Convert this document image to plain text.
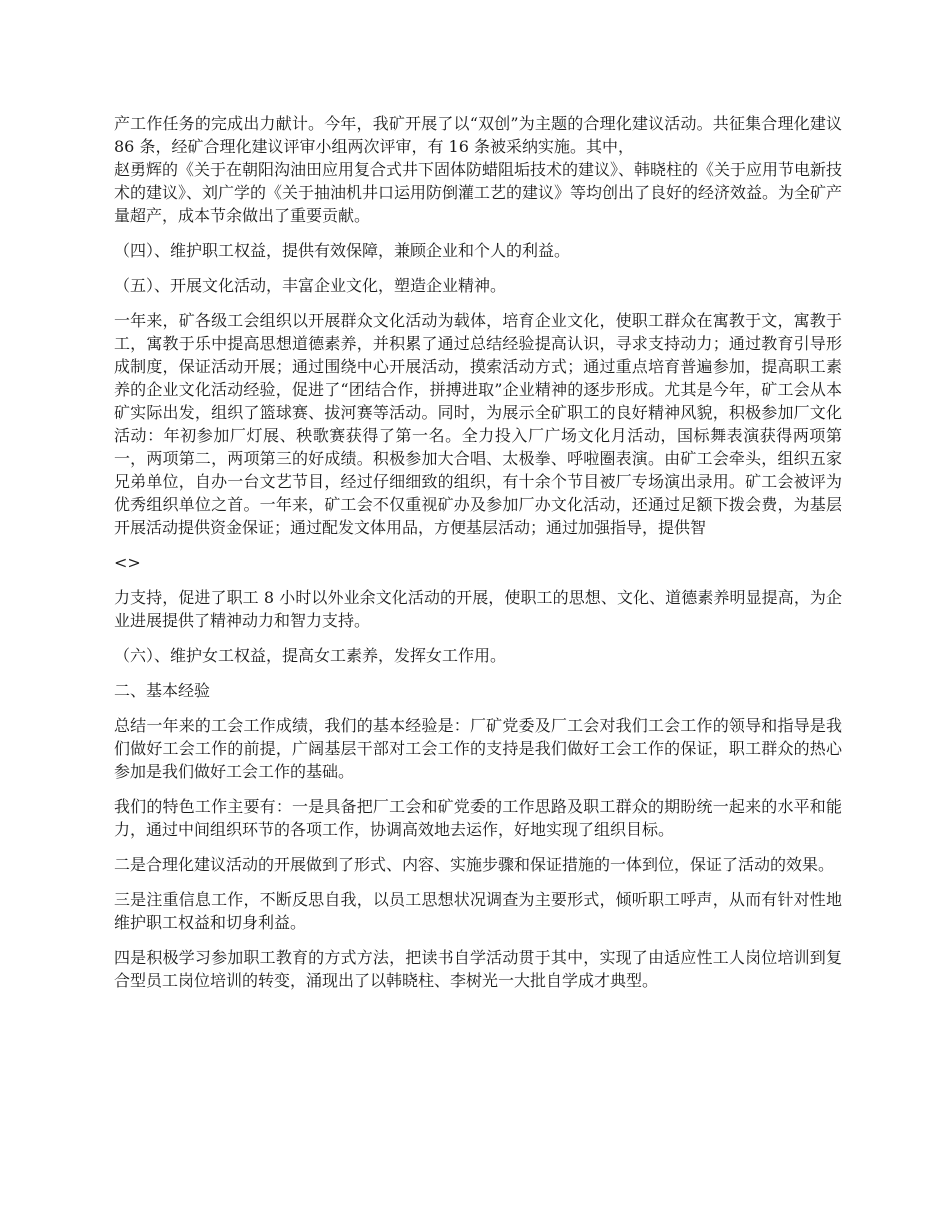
产工作任务的完成出力献计。今年，我矿开展了以“双创”为主题的合理化建议活动。共征集合理化建议 86 条，经矿合理化建议评审小组两次评审，有 16 条被采纳实施。其中，
赵勇辉的《关于在朝阳沟油田应用复合式井下固体防蜡阻垢技术的建议》、韩晓柱的《关于应用节电新技术的建议》、刘广学的《关于抽油机井口运用防倒灌工艺的建议》等均创出了良好的经济效益。为全矿产量超产，成本节余做出了重要贡献。

（四）、维护职工权益，提供有效保障，兼顾企业和个人的利益。

（五）、开展文化活动，丰富企业文化，塑造企业精神。

一年来，矿各级工会组织以开展群众文化活动为载体，培育企业文化，使职工群众在寓教于文，寓教于工，寓教于乐中提高思想道德素养，并积累了通过总结经验提高认识，寻求支持动力；通过教育引导形成制度，保证活动开展；通过围绕中心开展活动，摸索活动方式；通过重点培育普遍参加，提高职工素养的企业文化活动经验，促进了“团结合作，拼搏进取”企业精神的逐步形成。尤其是今年，矿工会从本矿实际出发，组织了篮球赛、拔河赛等活动。同时，为展示全矿职工的良好精神风貌，积极参加厂文化活动：年初参加厂灯展、秧歌赛获得了第一名。全力投入厂广场文化月活动，国标舞表演获得两项第一，两项第二，两项第三的好成绩。积极参加大合唱、太极拳、呼啦圈表演。由矿工会牵头，组织五家兄弟单位，自办一台文艺节目，经过仔细细致的组织，有十余个节目被厂专场演出录用。矿工会被评为优秀组织单位之首。一年来，矿工会不仅重视矿办及参加厂办文化活动，还通过足额下拨会费，为基层开展活动提供资金保证；通过配发文体用品，方便基层活动；通过加强指导，提供智

<>

力支持，促进了职工 8 小时以外业余文化活动的开展，使职工的思想、文化、道德素养明显提高，为企业进展提供了精神动力和智力支持。

（六）、维护女工权益，提高女工素养，发挥女工作用。

二、基本经验

总结一年来的工会工作成绩，我们的基本经验是：厂矿党委及厂工会对我们工会工作的领导和指导是我们做好工会工作的前提，广阔基层干部对工会工作的支持是我们做好工会工作的保证，职工群众的热心参加是我们做好工会工作的基础。

我们的特色工作主要有：一是具备把厂工会和矿党委的工作思路及职工群众的期盼统一起来的水平和能力，通过中间组织环节的各项工作，协调高效地去运作，好地实现了组织目标。

二是合理化建议活动的开展做到了形式、内容、实施步骤和保证措施的一体到位，保证了活动的效果。

三是注重信息工作，不断反思自我，以员工思想状况调查为主要形式，倾听职工呼声，从而有针对性地维护职工权益和切身利益。

四是积极学习参加职工教育的方式方法，把读书自学活动贯于其中，实现了由适应性工人岗位培训到复合型员工岗位培训的转变，涌现出了以韩晓柱、李树光一大批自学成才典型。
